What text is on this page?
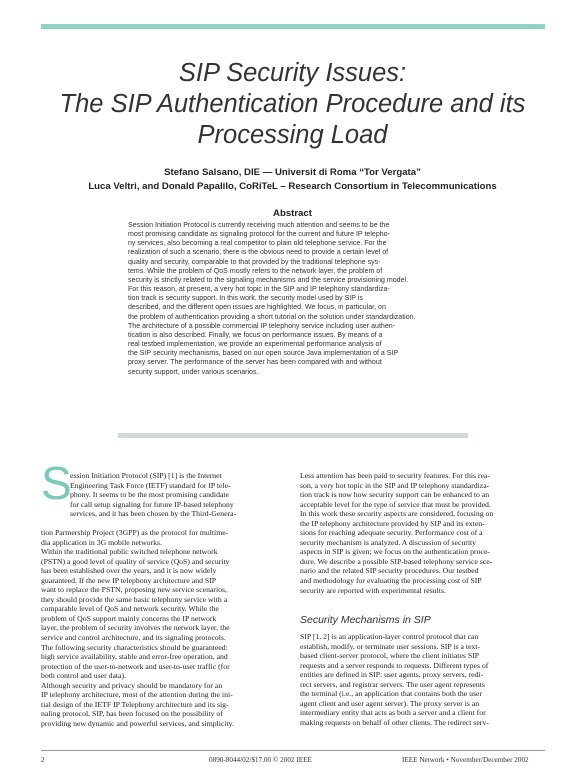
SIP Security Issues:
The SIP Authentication Procedure and its
Processing Load
Stefano Salsano, DIE — Universit di Roma “Tor Vergata”
Luca Veltri, and Donald Papalilo, CoRiTeL – Research Consortium in Telecommunications
Abstract
Session Initiation Protocol is currently receiving much attention and seems to be the
most promising candidate as signaling protocol for the current and future IP telepho-
ny services, also becoming a real competitor to plain old telephone service. For the
realization of such a scenario, there is the obvious need to provide a certain level of
quality and security, comparable to that provided by the traditional telephone sys-
tems. While the problem of QoS mostly refers to the network layer, the problem of
security is strictly related to the signaling mechanisms and the service provisioning model.
For this reason, at present, a very hot topic in the SIP and IP telephony standardiza-
tion track is security support. In this work, the security model used by SIP is
described, and the different open issues are highlighted. We focus, in particular, on
the problem of authentication providing a short tutorial on the solution under standardization.
The architecture of a possible commercial IP telephony service including user authen-
tication is also described. Finally, we focus on performance issues. By means of a
real testbed implementation, we provide an experimental performance analysis of
the SIP security mechanisms, based on our open source Java implementation of a SIP
proxy server. The performance of the server has been compared with and without
security support, under various scenarios.
S
ession Initiation Protocol (SIP) [1] is the Internet
Engineering Task Force (IETF) standard for IP tele-
phony. It seems to be the most promising candidate
for call setup signaling for future IP-based telephony
services, and it has been chosen by the Third-Genera-
tion Partnership Project (3GPP) as the protocol for multime-
dia application in 3G mobile networks.
Within the traditional public switched telephone network
(PSTN) a good level of quality of service (QoS) and security
has been established over the years, and it is now widely
guaranteed. If the new IP telephony architecture and SIP
want to replace the PSTN, proposing new service scenarios,
they should provide the same basic telephony service with a
comparable level of QoS and network security. While the
problem of QoS support mainly concerns the IP network
layer, the problem of security involves the network layer, the
service and control architecture, and its signaling protocols.
The following security characteristics should be guaranteed:
high service availability, stable and error-free operation, and
protection of the user-to-network and user-to-user traffic (for
both control and user data).
Although security and privacy should be mandatory for an
IP telephony architecture, most of the attention during the ini-
tial design of the IETF IP Telephony architecture and its sig-
naling protocol, SIP, has been focused on the possibility of
providing new dynamic and powerful services, and simplicity.
Less attention has been paid to security features. For this rea-
son, a very hot topic in the SIP and IP telephony standardiza-
tion track is now how security support can be enhanced to an
acceptable level for the type of service that must be provided.
In this work these security aspects are considered, focusing on
the IP telephony architecture provided by SIP and its exten-
sions for reaching adequate security. Performance cost of a
security mechanism is analyzed. A discussion of security
aspects in SIP is given; we focus on the authentication proce-
dure. We describe a possible SIP-based telephony service sce-
nario and the related SIP security procedures. Our testbed
and methodology for evaluating the processing cost of SIP
security are reported with experimental results.
Security Mechanisms in SIP
SIP [1, 2] is an application-layer control protocol that can
establish, modify, or terminate user sessions. SIP is a text-
based client-server protocol, where the client initiates SIP
requests and a server responds to requests. Different types of
entities are defined in SIP: user agents, proxy servers, redi-
rect servers, and registrar servers. The user agent represents
the terminal (i.e., an application that contains both the user
agent client and user agent server). The proxy server is an
intermediary entity that acts as both a server and a client for
making requests on behalf of other clients. The redirect serv-
2	0890-8044/02/$17.00 © 2002 IEEE	IEEE Network • November/December 2002
